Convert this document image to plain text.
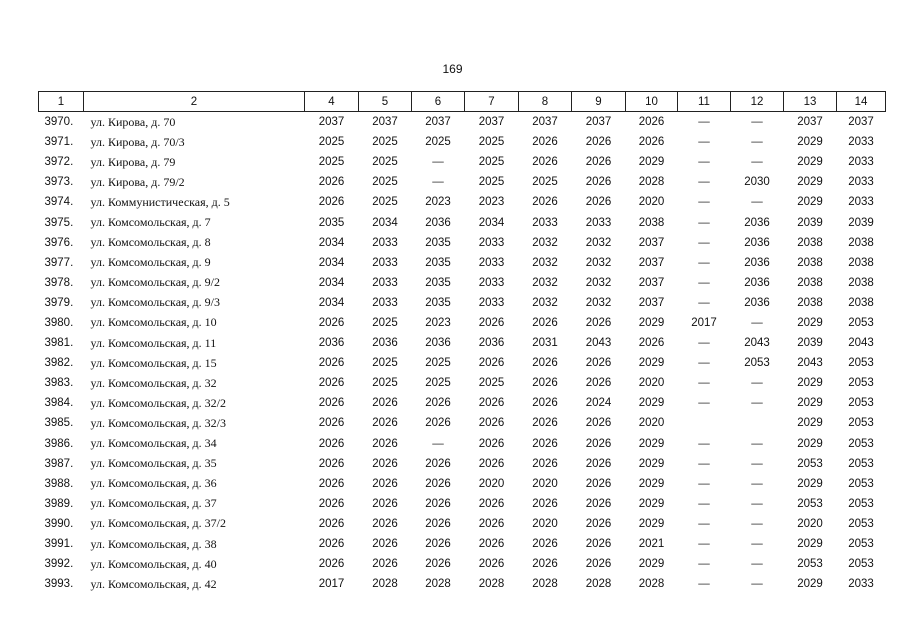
169
1	2	4	5	6	7	8	9	10	11	12	13	14
3970.	ул. Кирова, д. 70	2037	2037	2037	2037	2037	2037	2026	—	—	2037	2037
3971.	ул. Кирова, д. 70/3	2025	2025	2025	2025	2026	2026	2026	—	—	2029	2033
3972.	ул. Кирова, д. 79	2025	2025	—	2025	2026	2026	2029	—	—	2029	2033
3973.	ул. Кирова, д. 79/2	2026	2025	—	2025	2025	2026	2028	—	2030	2029	2033
3974.	ул. Коммунистическая, д. 5	2026	2025	2023	2023	2026	2026	2020	—	—	2029	2033
3975.	ул. Комсомольская, д. 7	2035	2034	2036	2034	2033	2033	2038	—	2036	2039	2039
3976.	ул. Комсомольская, д. 8	2034	2033	2035	2033	2032	2032	2037	—	2036	2038	2038
3977.	ул. Комсомольская, д. 9	2034	2033	2035	2033	2032	2032	2037	—	2036	2038	2038
3978.	ул. Комсомольская, д. 9/2	2034	2033	2035	2033	2032	2032	2037	—	2036	2038	2038
3979.	ул. Комсомольская, д. 9/3	2034	2033	2035	2033	2032	2032	2037	—	2036	2038	2038
3980.	ул. Комсомольская, д. 10	2026	2025	2023	2026	2026	2026	2029	2017	—	2029	2053
3981.	ул. Комсомольская, д. 11	2036	2036	2036	2036	2031	2043	2026	—	2043	2039	2043
3982.	ул. Комсомольская, д. 15	2026	2025	2025	2026	2026	2026	2029	—	2053	2043	2053
3983.	ул. Комсомольская, д. 32	2026	2025	2025	2025	2026	2026	2020	—	—	2029	2053
3984.	ул. Комсомольская, д. 32/2	2026	2026	2026	2026	2026	2024	2029	—	—	2029	2053
3985.	ул. Комсомольская, д. 32/3	2026	2026	2026	2026	2026	2026	2020			2029	2053
3986.	ул. Комсомольская, д. 34	2026	2026	—	2026	2026	2026	2029	—	—	2029	2053
3987.	ул. Комсомольская, д. 35	2026	2026	2026	2026	2026	2026	2029	—	—	2053	2053
3988.	ул. Комсомольская, д. 36	2026	2026	2026	2020	2020	2026	2029	—	—	2029	2053
3989.	ул. Комсомольская, д. 37	2026	2026	2026	2026	2026	2026	2029	—	—	2053	2053
3990.	ул. Комсомольская, д. 37/2	2026	2026	2026	2026	2020	2026	2029	—	—	2020	2053
3991.	ул. Комсомольская, д. 38	2026	2026	2026	2026	2026	2026	2021	—	—	2029	2053
3992.	ул. Комсомольская, д. 40	2026	2026	2026	2026	2026	2026	2029	—	—	2053	2053
3993.	ул. Комсомольская, д. 42	2017	2028	2028	2028	2028	2028	2028	—	—	2029	2033
